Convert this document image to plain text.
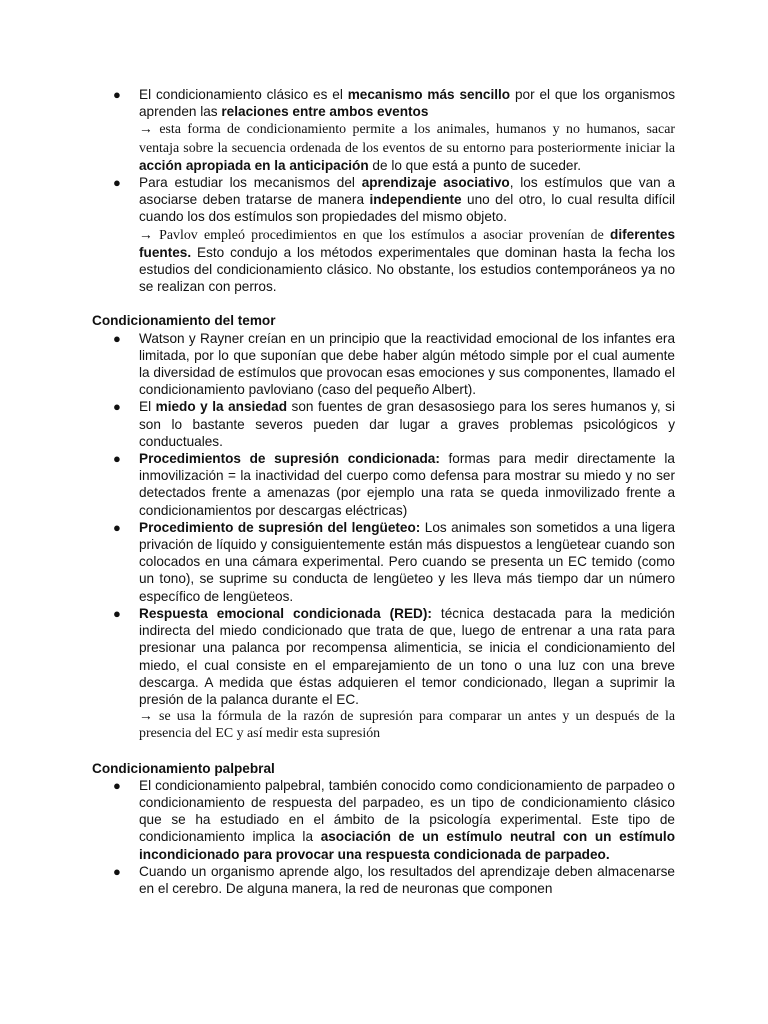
● El condicionamiento clásico es el mecanismo más sencillo por el que los organismos aprenden las relaciones entre ambos eventos
→ esta forma de condicionamiento permite a los animales, humanos y no humanos, sacar ventaja sobre la secuencia ordenada de los eventos de su entorno para posteriormente iniciar la acción apropiada en la anticipación de lo que está a punto de suceder.
● Para estudiar los mecanismos del aprendizaje asociativo, los estímulos que van a asociarse deben tratarse de manera independiente uno del otro, lo cual resulta difícil cuando los dos estímulos son propiedades del mismo objeto.
→ Pavlov empleó procedimientos en que los estímulos a asociar provenían de diferentes fuentes. Esto condujo a los métodos experimentales que dominan hasta la fecha los estudios del condicionamiento clásico. No obstante, los estudios contemporáneos ya no se realizan con perros.

Condicionamiento del temor

● Watson y Rayner creían en un principio que la reactividad emocional de los infantes era limitada, por lo que suponían que debe haber algún método simple por el cual aumente la diversidad de estímulos que provocan esas emociones y sus componentes, llamado el condicionamiento pavloviano (caso del pequeño Albert).
● El miedo y la ansiedad son fuentes de gran desasosiego para los seres humanos y, si son lo bastante severos pueden dar lugar a graves problemas psicológicos y conductuales.
● Procedimientos de supresión condicionada: formas para medir directamente la inmovilización = la inactividad del cuerpo como defensa para mostrar su miedo y no ser detectados frente a amenazas (por ejemplo una rata se queda inmovilizado frente a condicionamientos por descargas eléctricas)
● Procedimiento de supresión del lengüeteo: Los animales son sometidos a una ligera privación de líquido y consiguientemente están más dispuestos a lengüetear cuando son colocados en una cámara experimental. Pero cuando se presenta un EC temido (como un tono), se suprime su conducta de lengüeteo y les lleva más tiempo dar un número específico de lengüeteos.
● Respuesta emocional condicionada (RED): técnica destacada para la medición indirecta del miedo condicionado que trata de que, luego de entrenar a una rata para presionar una palanca por recompensa alimenticia, se inicia el condicionamiento del miedo, el cual consiste en el emparejamiento de un tono o una luz con una breve descarga. A medida que éstas adquieren el temor condicionado, llegan a suprimir la presión de la palanca durante el EC.
→ se usa la fórmula de la razón de supresión para comparar un antes y un después de la presencia del EC y así medir esta supresión

Condicionamiento palpebral

● El condicionamiento palpebral, también conocido como condicionamiento de parpadeo o condicionamiento de respuesta del parpadeo, es un tipo de condicionamiento clásico que se ha estudiado en el ámbito de la psicología experimental. Este tipo de condicionamiento implica la asociación de un estímulo neutral con un estímulo incondicionado para provocar una respuesta condicionada de parpadeo.
● Cuando un organismo aprende algo, los resultados del aprendizaje deben almacenarse en el cerebro. De alguna manera, la red de neuronas que componen
